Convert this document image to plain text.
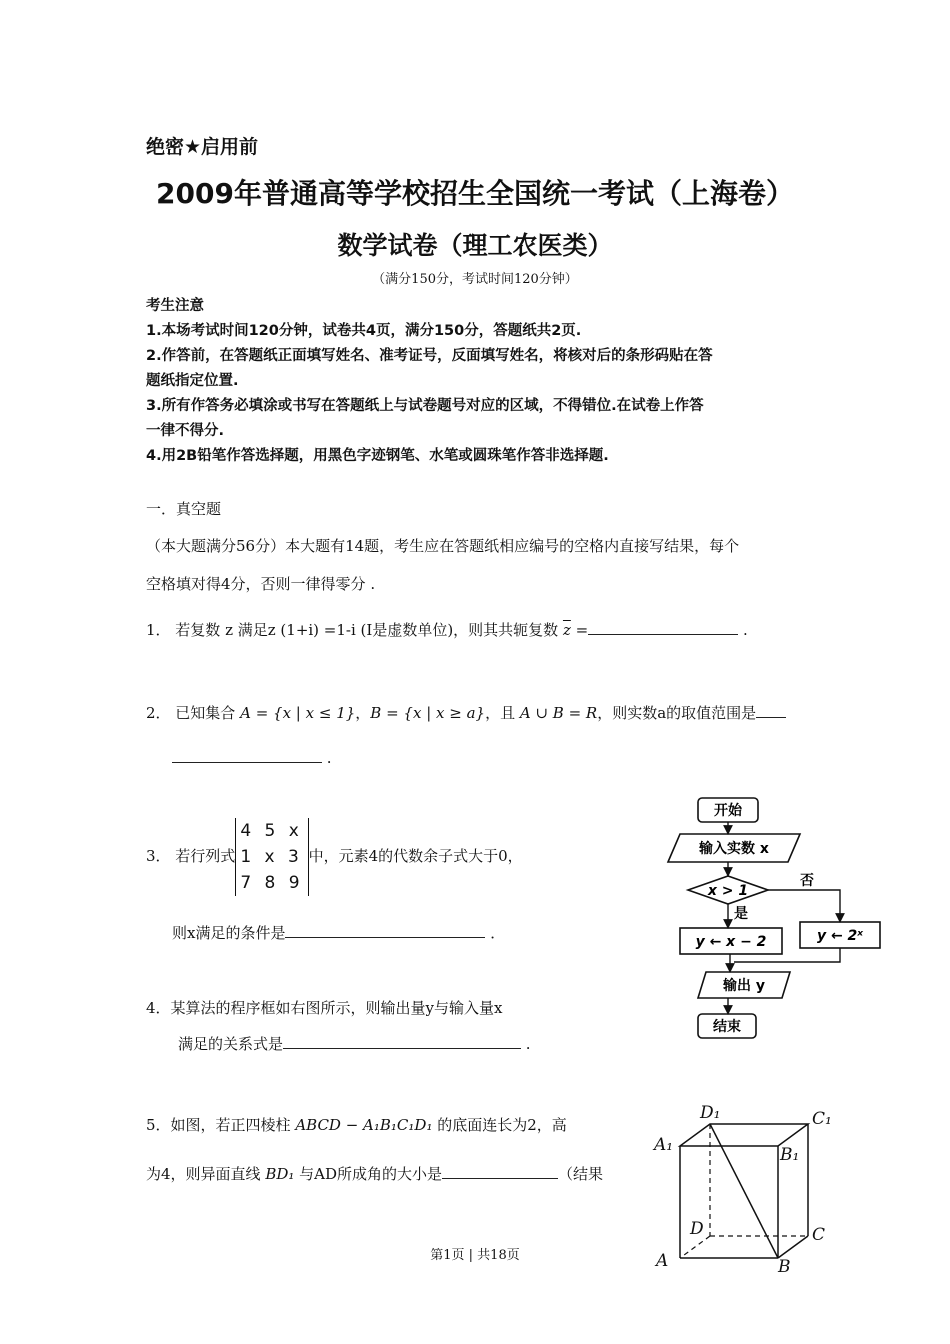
绝密★启用前
2009年普通高等学校招生全国统一考试（上海卷）
数学试卷（理工农医类）
（满分150分，考试时间120分钟）
考生注意
1.本场考试时间120分钟，试卷共4页，满分150分，答题纸共2页.
2.作答前，在答题纸正面填写姓名、准考证号，反面填写姓名，将核对后的条形码贴在答
题纸指定位置.
3.所有作答务必填涂或书写在答题纸上与试卷题号对应的区域，不得错位.在试卷上作答
一律不得分.
4.用2B铅笔作答选择题，用黑色字迹钢笔、水笔或圆珠笔作答非选择题.
一．真空题
（本大题满分56分）本大题有14题，考生应在答题纸相应编号的空格内直接写结果，每个
空格填对得4分，否则一律得零分 .
1． 若复数 z 满足z (1+i) =1-i (I是虚数单位)，则其共轭复数 $\overline{z}$ =	.
2． 已知集合 A = {x | x ≤ 1}，B = {x | x ≥ a}，且 A ∪ B = R，则实数a的取值范围是
.
3． 若行列式
4 5 x
1 x 3
7 8 9
中，元素4的代数余子式大于0，
则x满足的条件是	．
4．某算法的程序框如右图所示，则输出量y与输入量x
满足的关系式是	.
5．如图，若正四棱柱 ABCD − A₁B₁C₁D₁ 的底面连长为2，高
为4，则异面直线 BD₁ 与AD所成角的大小是	（结果
开始
输入实数 x
x > 1
否
是
y ← x − 2	y ← 2ˣ
输出 y
结束
D₁	C₁
A₁	B₁
D	C
A	B
第1页 | 共18页
